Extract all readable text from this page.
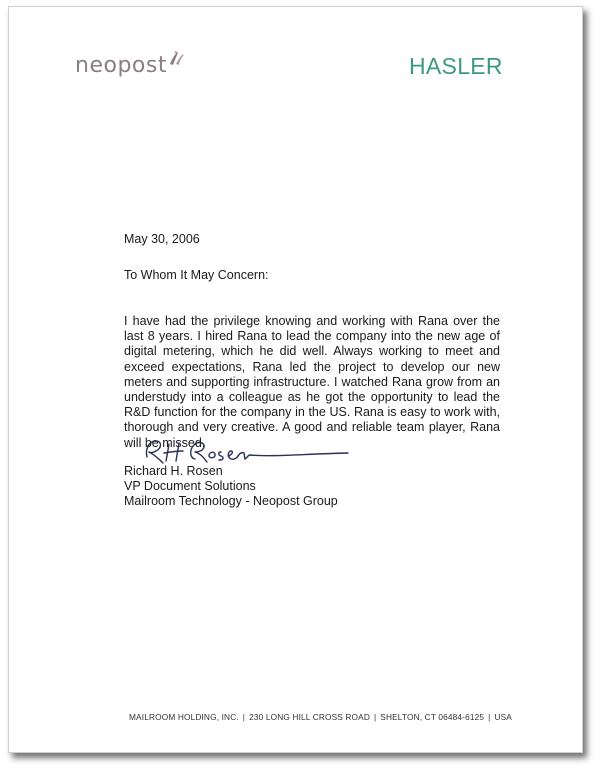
neopost	HASLER
May 30, 2006
To Whom It May Concern:
I have had the privilege knowing and working with Rana over the last 8 years. I hired Rana to lead the company into the new age of digital metering, which he did well. Always working to meet and exceed expectations, Rana led the project to develop our new meters and supporting infrastructure. I watched Rana grow from an understudy into a colleague as he got the opportunity to lead the R&D function for the company in the US. Rana is easy to work with, thorough and very creative. A good and reliable team player, Rana will be missed.
Richard H. Rosen
VP Document Solutions
Mailroom Technology - Neopost Group
MAILROOM HOLDING, INC. | 230 LONG HILL CROSS ROAD | SHELTON, CT 06484-6125 | USA
